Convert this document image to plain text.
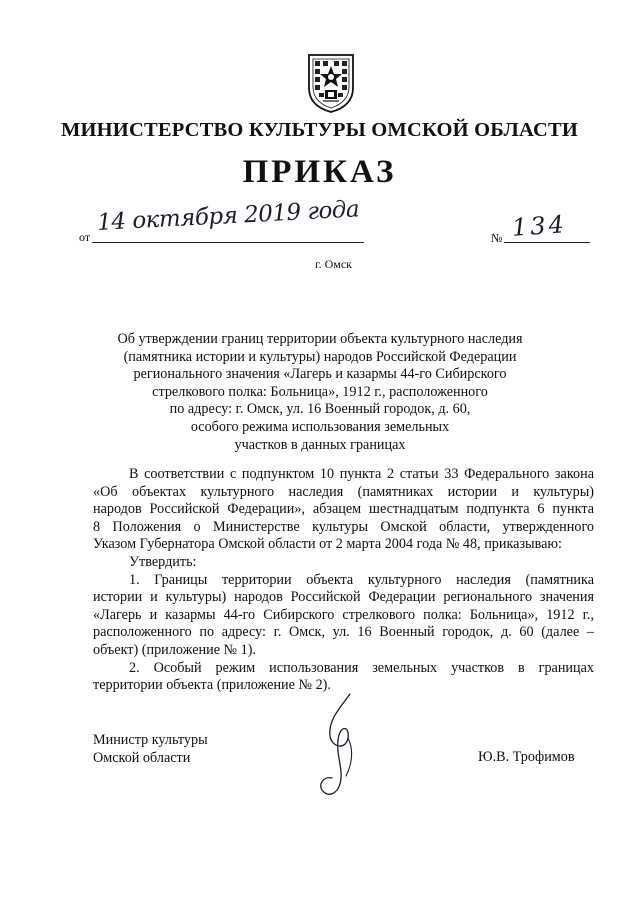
МИНИСТЕРСТВО КУЛЬТУРЫ ОМСКОЙ ОБЛАСТИ
ПРИКАЗ
от
14 октября 2019 года
№ 134
г. Омск
Об утверждении границ территории объекта культурного наследия
(памятника истории и культуры) народов Российской Федерации
регионального значения «Лагерь и казармы 44-го Сибирского
стрелкового полка: Больница», 1912 г., расположенного
по адресу: г. Омск, ул. 16 Военный городок, д. 60,
особого режима использования земельных
участков в данных границах
В соответствии с подпунктом 10 пункта 2 статьи 33 Федерального закона
«Об объектах культурного наследия (памятниках истории и культуры)
народов Российской Федерации», абзацем шестнадцатым подпункта 6 пункта
8 Положения о Министерстве культуры Омской области, утвержденного
Указом Губернатора Омской области от 2 марта 2004 года № 48, приказываю:
Утвердить:
1. Границы территории объекта культурного наследия (памятника
истории и культуры) народов Российской Федерации регионального значения
«Лагерь и казармы 44-го Сибирского стрелкового полка: Больница», 1912 г.,
расположенного по адресу: г. Омск, ул. 16 Военный городок, д. 60 (далее –
объект) (приложение № 1).
2. Особый режим использования земельных участков в границах
территории объекта (приложение № 2).
Министр культуры
Омской области	Ю.В. Трофимов
